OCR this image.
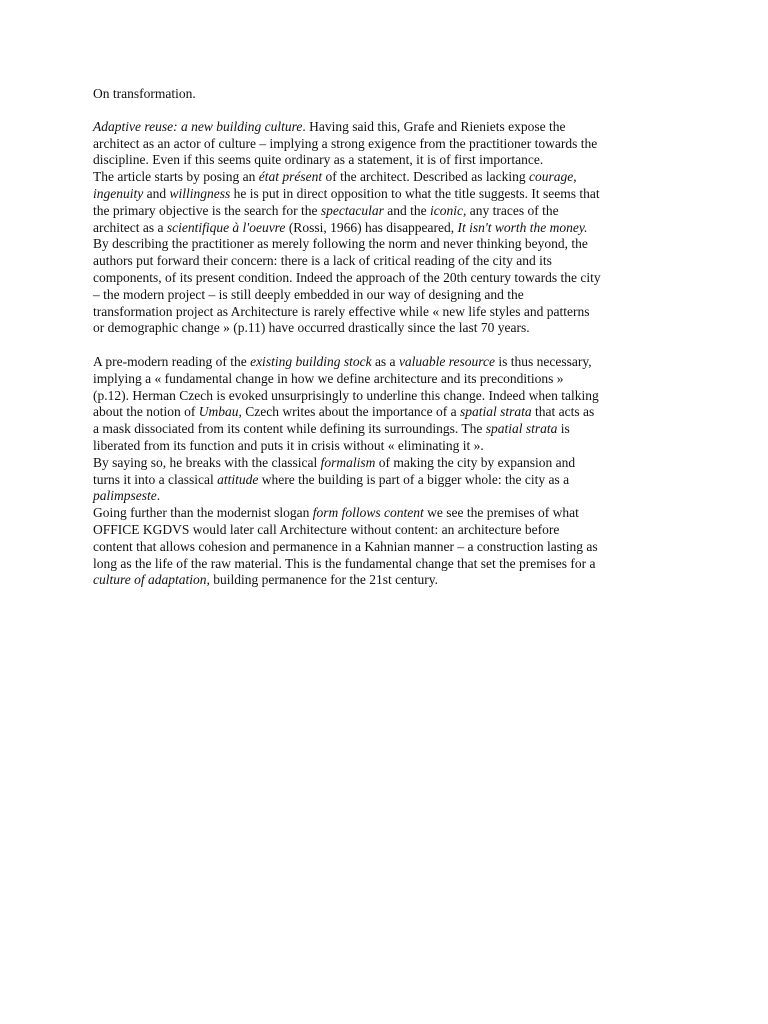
On transformation.
Adaptive reuse: a new building culture. Having said this, Grafe and Rieniets expose the
architect as an actor of culture – implying a strong exigence from the practitioner towards the
discipline. Even if this seems quite ordinary as a statement, it is of first importance.
The article starts by posing an état présent of the architect. Described as lacking courage,
ingenuity and willingness he is put in direct opposition to what the title suggests. It seems that
the primary objective is the search for the spectacular and the iconic, any traces of the
architect as a scientifique à l'oeuvre (Rossi, 1966) has disappeared, It isn't worth the money.
By describing the practitioner as merely following the norm and never thinking beyond, the
authors put forward their concern: there is a lack of critical reading of the city and its
components, of its present condition. Indeed the approach of the 20th century towards the city
– the modern project – is still deeply embedded in our way of designing and the
transformation project as Architecture is rarely effective while « new life styles and patterns
or demographic change » (p.11) have occurred drastically since the last 70 years.
A pre-modern reading of the existing building stock as a valuable resource is thus necessary,
implying a « fundamental change in how we define architecture and its preconditions »
(p.12). Herman Czech is evoked unsurprisingly to underline this change. Indeed when talking
about the notion of Umbau, Czech writes about the importance of a spatial strata that acts as
a mask dissociated from its content while defining its surroundings. The spatial strata is
liberated from its function and puts it in crisis without « eliminating it ».
By saying so, he breaks with the classical formalism of making the city by expansion and
turns it into a classical attitude where the building is part of a bigger whole: the city as a
palimpseste.
Going further than the modernist slogan form follows content we see the premises of what
OFFICE KGDVS would later call Architecture without content: an architecture before
content that allows cohesion and permanence in a Kahnian manner – a construction lasting as
long as the life of the raw material. This is the fundamental change that set the premises for a
culture of adaptation, building permanence for the 21st century.
